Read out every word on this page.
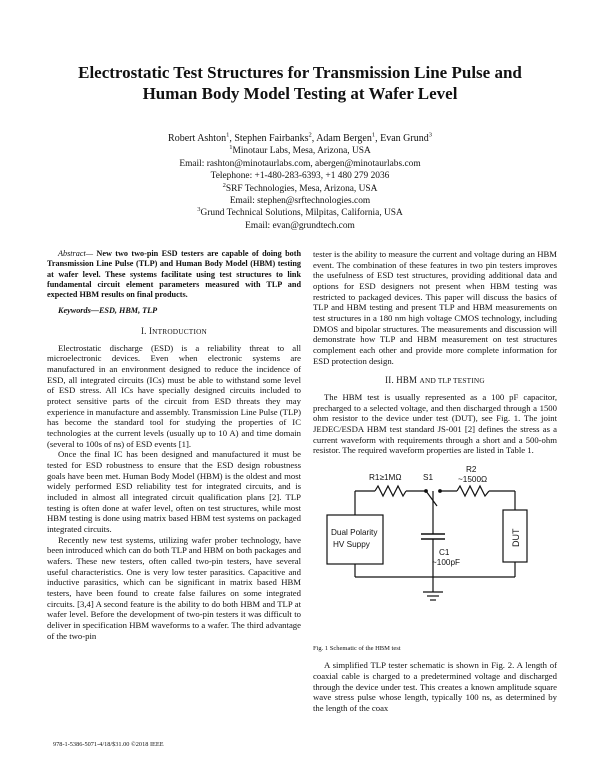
Electrostatic Test Structures for Transmission Line Pulse and
Human Body Model Testing at Wafer Level
Robert Ashton$^1$, Stephen Fairbanks$^2$, Adam Bergen$^1$, Evan Grund$^3$
$^1$Minotaur Labs, Mesa, Arizona, USA
Email: rashton@minotaurlabs.com, abergen@minotaurlabs.com
Telephone: +1-480-283-6393, +1 480 279 2036
$^2$SRF Technologies, Mesa, Arizona, USA
Email: stephen@srftechnologies.com
$^3$Grund Technical Solutions, Milpitas, California, USA
Email: evan@grundtech.com

Abstract— New two two-pin ESD testers are capable of doing both Transmission Line Pulse (TLP) and Human Body Model (HBM) testing at wafer level. These systems facilitate using test structures to link fundamental circuit element parameters measured with TLP and expected HBM results on final products.

Keywords—ESD, HBM, TLP

I. INTRODUCTION

Electrostatic discharge (ESD) is a reliability threat to all microelectronic devices. Even when electronic systems are manufactured in an environment designed to reduce the incidence of ESD, all integrated circuits (ICs) must be able to withstand some level of ESD stress. All ICs have specially designed circuits included to protect sensitive parts of the circuit from ESD threats they may experience in manufacture and assembly. Transmission Line Pulse (TLP) has become the standard tool for studying the properties of IC technologies at the current levels (usually up to 10 A) and time domain (several to 100s of ns) of ESD events [1].

Once the final IC has been designed and manufactured it must be tested for ESD robustness to ensure that the ESD design robustness goals have been met. Human Body Model (HBM) is the oldest and most widely performed ESD reliability test for integrated circuits, and is included in almost all integrated circuit qualification plans [2]. TLP testing is often done at wafer level, often on test structures, while most HBM testing is done using matrix based HBM test systems on packaged integrated circuits.

Recently new test systems, utilizing wafer prober technology, have been introduced which can do both TLP and HBM on both packages and wafers. These new testers, often called two-pin testers, have several useful characteristics. One is very low tester parasitics. Capacitive and inductive parasitics, which can be significant in matrix based HBM testers, have been found to create false failures on some integrated circuits. [3,4] A second feature is the ability to do both HBM and TLP at wafer level. Before the development of two-pin testers it was difficult to deliver in specification HBM waveforms to a wafer. The third advantage of the two-pin

tester is the ability to measure the current and voltage during an HBM event. The combination of these features in two pin testers improves the usefulness of ESD test structures, providing additional data and options for ESD designers not present when HBM testing was restricted to packaged devices. This paper will discuss the basics of TLP and HBM testing and present TLP and HBM measurements on test structures in a 180 nm high voltage CMOS technology, including DMOS and bipolar structures. The measurements and discussion will demonstrate how TLP and HBM measurement on test structures complement each other and provide more complete information for ESD protection design.

II. HBM AND TLP TESTING

The HBM test is usually represented as a 100 pF capacitor, precharged to a selected voltage, and then discharged through a 1500 ohm resistor to the device under test (DUT), see Fig. 1. The joint JEDEC/ESDA HBM test standard JS-001 [2] defines the stress as a current waveform with requirements through a short and a 500-ohm resistor. The required waveform properties are listed in Table 1.

R1≥1MΩ	S1
R2
~1500Ω
Dual Polarity
HV Suppy
C1
~100pF
DUT
Fig. 1 Schematic of the HBM test

A simplified TLP tester schematic is shown in Fig. 2. A length of coaxial cable is charged to a predetermined voltage and discharged through the device under test. This creates a known amplitude square wave stress pulse whose length, typically 100 ns, as determined by the length of the coax

978-1-5386-5071-4/18/$31.00 ©2018 IEEE
